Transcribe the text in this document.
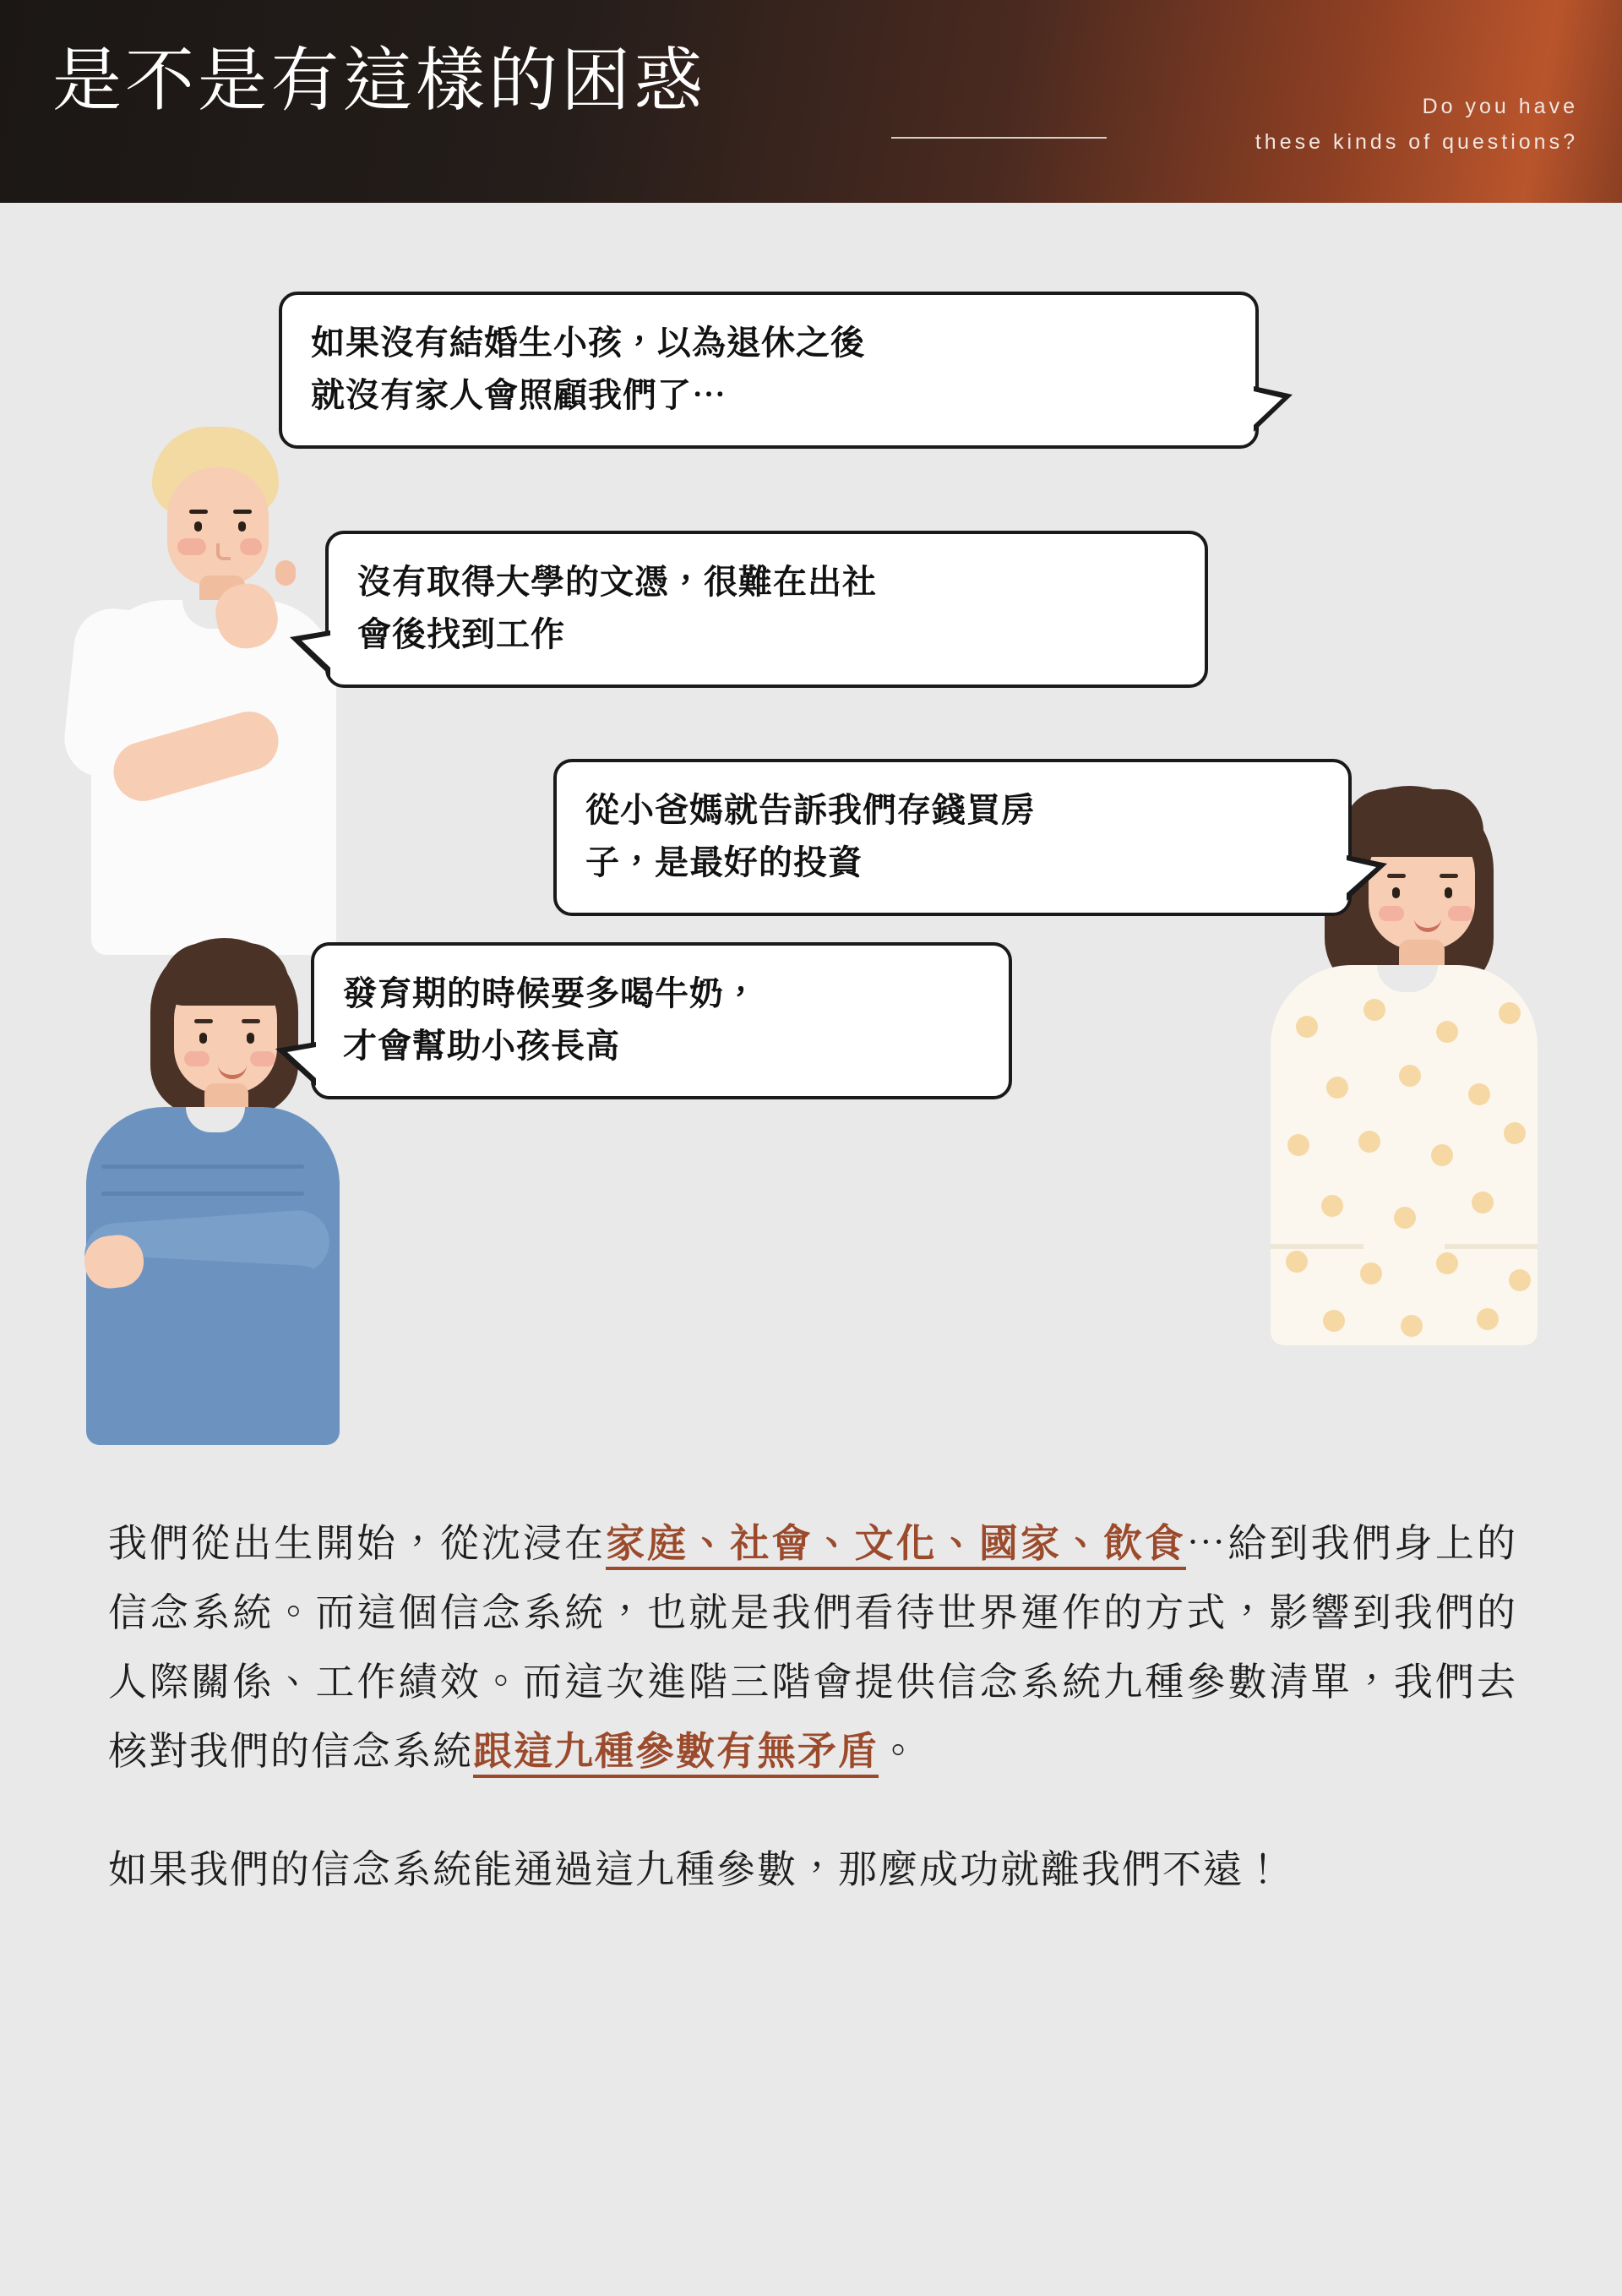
是不是有這樣的困惑	Do you have
these kinds of questions?
如果沒有結婚生小孩，以為退休之後
就沒有家人會照顧我們了⋯
沒有取得大學的文憑，很難在出社
會後找到工作
從小爸媽就告訴我們存錢買房
子，是最好的投資
發育期的時候要多喝牛奶，
才會幫助小孩長高

我們從出生開始，從沈浸在家庭、社會、文化、國家、飲食⋯給到我們身上的信念系統。而這個信念系統，也就是我們看待世界運作的方式，影響到我們的人際關係、工作績效。而這次進階三階會提供信念系統九種參數清單，我們去核對我們的信念系統跟這九種參數有無矛盾。

如果我們的信念系統能通過這九種參數，那麼成功就離我們不遠！
